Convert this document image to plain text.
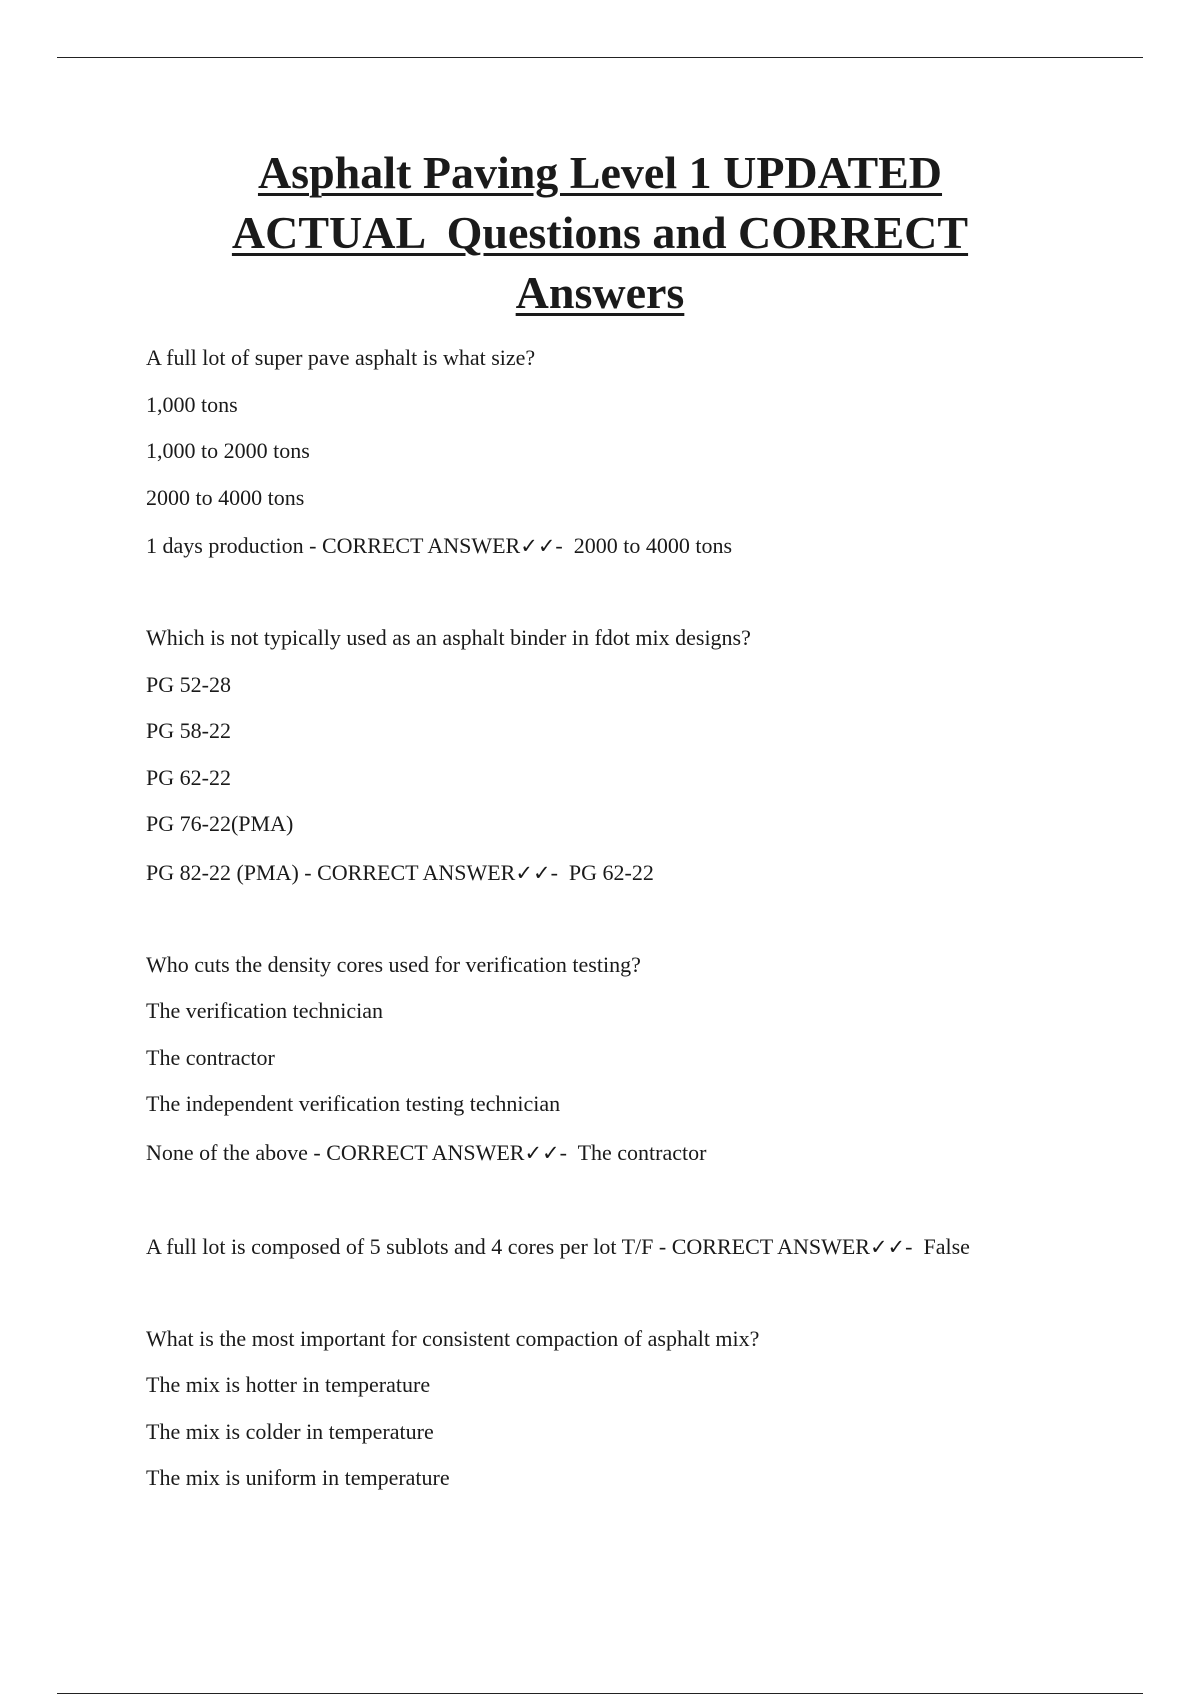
Asphalt Paving Level 1 UPDATED
ACTUAL  Questions and CORRECT
Answers
A full lot of super pave asphalt is what size?
1,000 tons
1,000 to 2000 tons
2000 to 4000 tons
1 days production - CORRECT ANSWER✓✓-  2000 to 4000 tons
Which is not typically used as an asphalt binder in fdot mix designs?
PG 52-28
PG 58-22
PG 62-22
PG 76-22(PMA)
PG 82-22 (PMA) - CORRECT ANSWER✓✓-  PG 62-22
Who cuts the density cores used for verification testing?
The verification technician
The contractor
The independent verification testing technician
None of the above - CORRECT ANSWER✓✓-  The contractor
A full lot is composed of 5 sublots and 4 cores per lot T/F - CORRECT ANSWER✓✓-  False
What is the most important for consistent compaction of asphalt mix?
The mix is hotter in temperature
The mix is colder in temperature
The mix is uniform in temperature
